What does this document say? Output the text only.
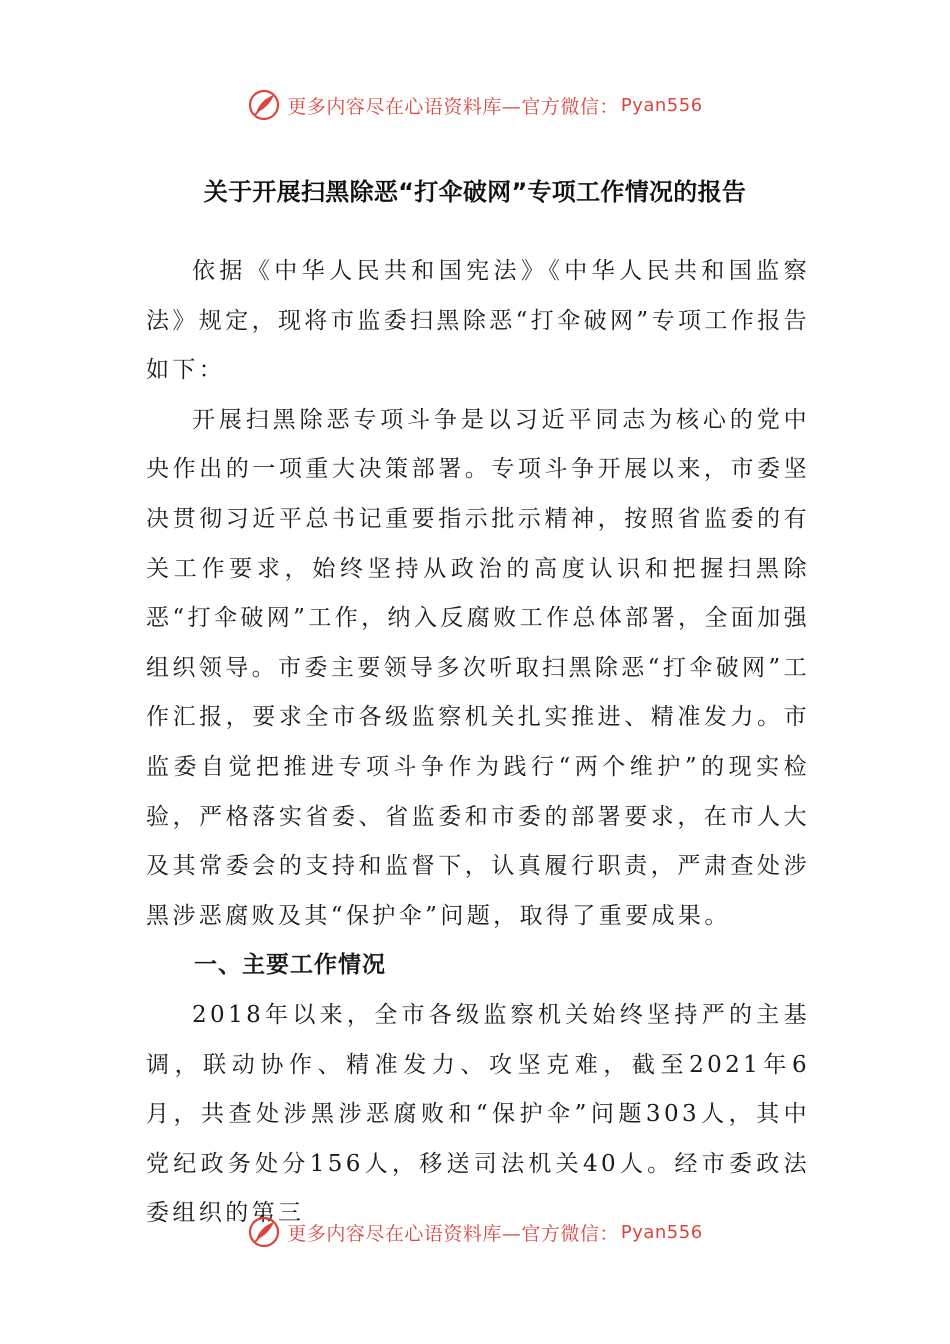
更多内容尽在心语资料库—官方微信： Pyan556
关于开展扫黑除恶“打伞破网”专项工作情况的报告

依据《中华人民共和国宪法》《中华人民共和国监察法》规定，现将市监委扫黑除恶“打伞破网”专项工作报告如下：

开展扫黑除恶专项斗争是以习近平同志为核心的党中央作出的一项重大决策部署。专项斗争开展以来，市委坚决贯彻习近平总书记重要指示批示精神，按照省监委的有关工作要求，始终坚持从政治的高度认识和把握扫黑除恶“打伞破网”工作，纳入反腐败工作总体部署，全面加强组织领导。市委主要领导多次听取扫黑除恶“打伞破网”工作汇报，要求全市各级监察机关扎实推进、精准发力。市监委自觉把推进专项斗争作为践行“两个维护”的现实检验，严格落实省委、省监委和市委的部署要求，在市人大及其常委会的支持和监督下，认真履行职责，严肃查处涉黑涉恶腐败及其“保护伞”问题，取得了重要成果。

一、主要工作情况

2018年以来，全市各级监察机关始终坚持严的主基调，联动协作、精准发力、攻坚克难，截至2021年6月，共查处涉黑涉恶腐败和“保护伞”问题303人，其中党纪政务处分156人，移送司法机关40人。经市委政法委组织的第三

更多内容尽在心语资料库—官方微信： Pyan556
